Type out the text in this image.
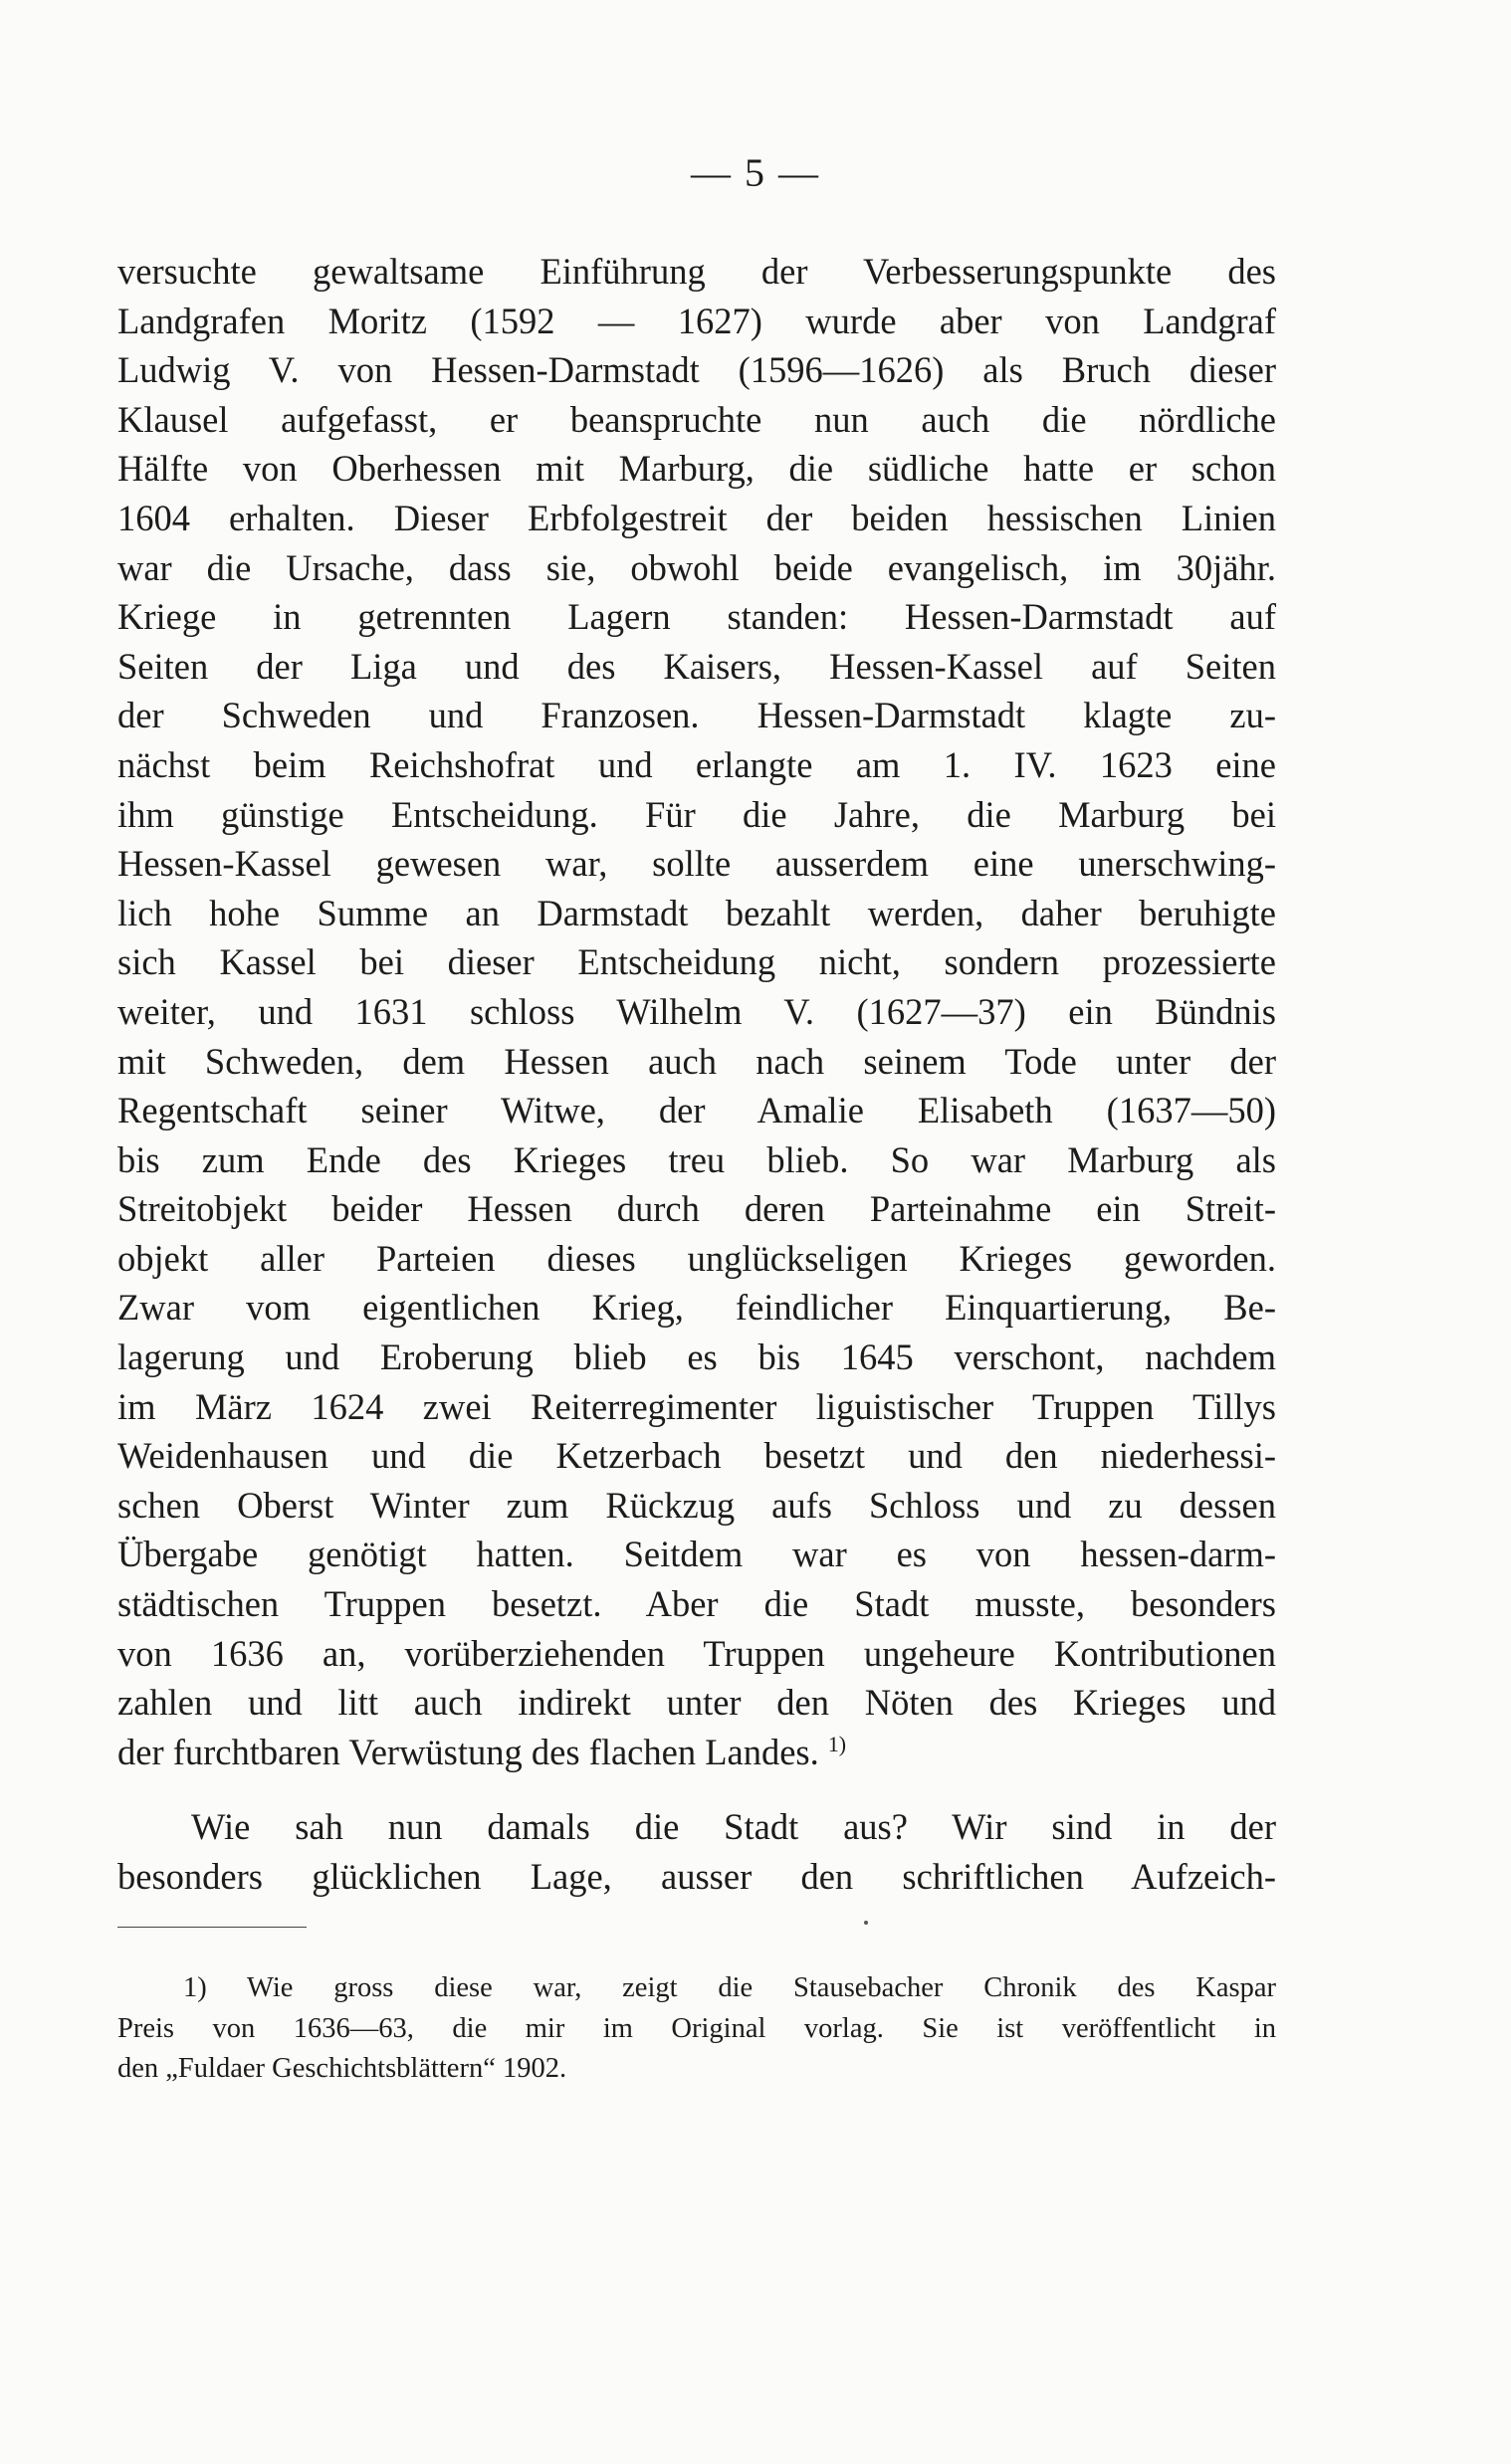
— 5 —
versuchte gewaltsame Einführung der Verbesserungspunkte des
Landgrafen Moritz (1592 — 1627) wurde aber von Landgraf
Ludwig V. von Hessen-Darmstadt (1596—1626) als Bruch dieser
Klausel aufgefasst, er beanspruchte nun auch die nördliche
Hälfte von Oberhessen mit Marburg, die südliche hatte er schon
1604 erhalten. Dieser Erbfolgestreit der beiden hessischen Linien
war die Ursache, dass sie, obwohl beide evangelisch, im 30jähr.
Kriege in getrennten Lagern standen: Hessen-Darmstadt auf
Seiten der Liga und des Kaisers, Hessen-Kassel auf Seiten
der Schweden und Franzosen. Hessen-Darmstadt klagte zu-
nächst beim Reichshofrat und erlangte am 1. IV. 1623 eine
ihm günstige Entscheidung. Für die Jahre, die Marburg bei
Hessen-Kassel gewesen war, sollte ausserdem eine unerschwing-
lich hohe Summe an Darmstadt bezahlt werden, daher beruhigte
sich Kassel bei dieser Entscheidung nicht, sondern prozessierte
weiter, und 1631 schloss Wilhelm V. (1627—37) ein Bündnis
mit Schweden, dem Hessen auch nach seinem Tode unter der
Regentschaft seiner Witwe, der Amalie Elisabeth (1637—50)
bis zum Ende des Krieges treu blieb. So war Marburg als
Streitobjekt beider Hessen durch deren Parteinahme ein Streit-
objekt aller Parteien dieses unglückseligen Krieges geworden.
Zwar vom eigentlichen Krieg, feindlicher Einquartierung, Be-
lagerung und Eroberung blieb es bis 1645 verschont, nachdem
im März 1624 zwei Reiterregimenter liguistischer Truppen Tillys
Weidenhausen und die Ketzerbach besetzt und den niederhessi-
schen Oberst Winter zum Rückzug aufs Schloss und zu dessen
Übergabe genötigt hatten. Seitdem war es von hessen-darm-
städtischen Truppen besetzt. Aber die Stadt musste, besonders
von 1636 an, vorüberziehenden Truppen ungeheure Kontributionen
zahlen und litt auch indirekt unter den Nöten des Krieges und
der furchtbaren Verwüstung des flachen Landes. $^{1)}$
Wie sah nun damals die Stadt aus? Wir sind in der
besonders glücklichen Lage, ausser den schriftlichen Aufzeich-
1) Wie gross diese war, zeigt die Stausebacher Chronik des Kaspar
Preis von 1636—63, die mir im Original vorlag. Sie ist veröffentlicht in
den „Fuldaer Geschichtsblättern“ 1902.
